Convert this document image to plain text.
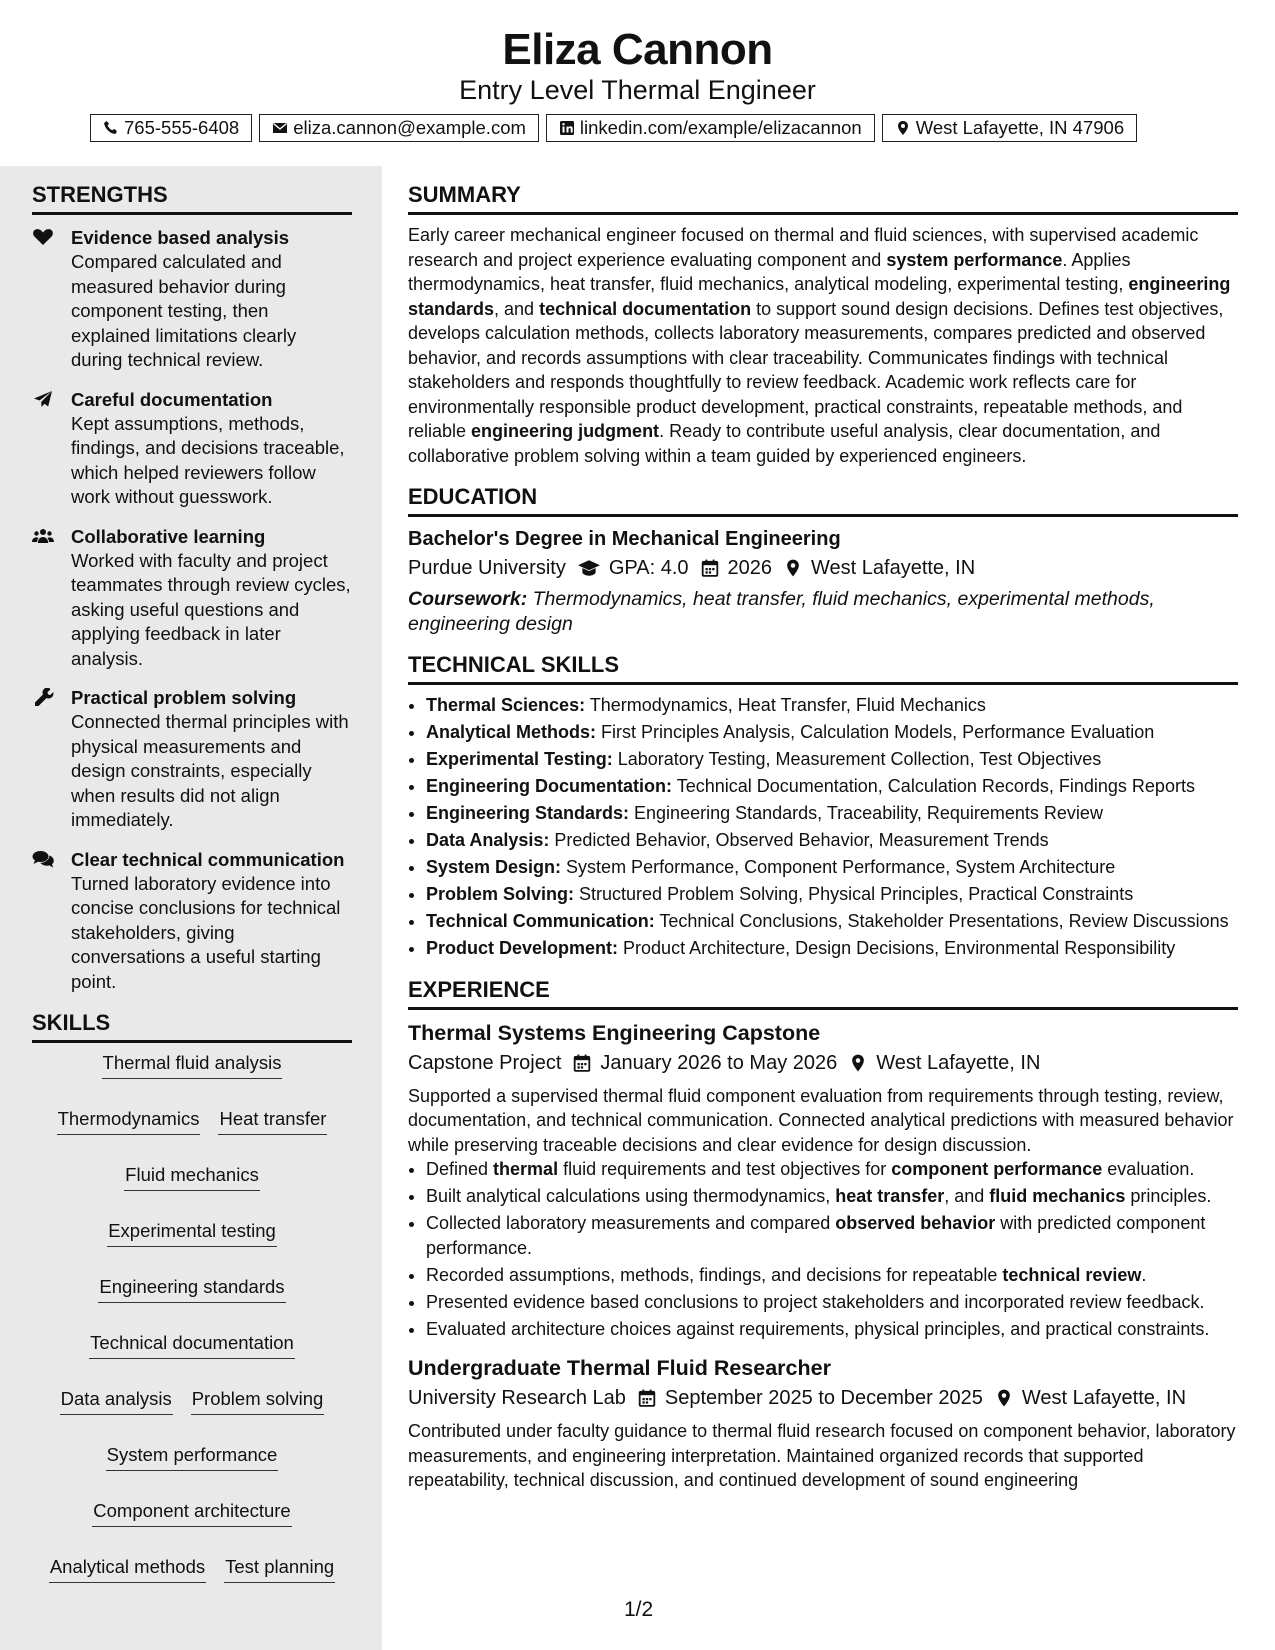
Eliza Cannon
Entry Level Thermal Engineer
765-555-6408	eliza.cannon@example.com	linkedin.com/example/elizacannon	West Lafayette, IN 47906
STRENGTHS
Evidence based analysis
Compared calculated and measured behavior during component testing, then explained limitations clearly during technical review.
Careful documentation
Kept assumptions, methods, findings, and decisions traceable, which helped reviewers follow work without guesswork.
Collaborative learning
Worked with faculty and project teammates through review cycles, asking useful questions and applying feedback in later analysis.
Practical problem solving
Connected thermal principles with physical measurements and design constraints, especially when results did not align immediately.
Clear technical communication
Turned laboratory evidence into concise conclusions for technical stakeholders, giving conversations a useful starting point.
SKILLS
Thermal fluid analysis
Thermodynamics Heat transfer
Fluid mechanics
Experimental testing
Engineering standards
Technical documentation
Data analysis Problem solving
System performance
Component architecture
Analytical methods Test planning
SUMMARY

Early career mechanical engineer focused on thermal and fluid sciences, with supervised academic research and project experience evaluating component and system performance. Applies thermodynamics, heat transfer, fluid mechanics, analytical modeling, experimental testing, engineering standards, and technical documentation to support sound design decisions. Defines test objectives, develops calculation methods, collects laboratory measurements, compares predicted and observed behavior, and records assumptions with clear traceability. Communicates findings with technical stakeholders and responds thoughtfully to review feedback. Academic work reflects care for environmentally responsible product development, practical constraints, repeatable methods, and reliable engineering judgment. Ready to contribute useful analysis, clear documentation, and collaborative problem solving within a team guided by experienced engineers.

EDUCATION
Bachelor's Degree in Mechanical Engineering
Purdue University GPA: 4.0 2026 West Lafayette, IN
Coursework: Thermodynamics, heat transfer, fluid mechanics, experimental methods, engineering design
TECHNICAL SKILLS
• Thermal Sciences: Thermodynamics, Heat Transfer, Fluid Mechanics
• Analytical Methods: First Principles Analysis, Calculation Models, Performance Evaluation
• Experimental Testing: Laboratory Testing, Measurement Collection, Test Objectives
• Engineering Documentation: Technical Documentation, Calculation Records, Findings Reports
• Engineering Standards: Engineering Standards, Traceability, Requirements Review
• Data Analysis: Predicted Behavior, Observed Behavior, Measurement Trends
• System Design: System Performance, Component Performance, System Architecture
• Problem Solving: Structured Problem Solving, Physical Principles, Practical Constraints
• Technical Communication: Technical Conclusions, Stakeholder Presentations, Review Discussions
• Product Development: Product Architecture, Design Decisions, Environmental Responsibility
EXPERIENCE
Thermal Systems Engineering Capstone
Capstone Project January 2026 to May 2026 West Lafayette, IN

Supported a supervised thermal fluid component evaluation from requirements through testing, review, documentation, and technical communication. Connected analytical predictions with measured behavior while preserving traceable decisions and clear evidence for design discussion.

• Defined thermal fluid requirements and test objectives for component performance evaluation.
• Built analytical calculations using thermodynamics, heat transfer, and fluid mechanics principles.
• Collected laboratory measurements and compared observed behavior with predicted component performance.
• Recorded assumptions, methods, findings, and decisions for repeatable technical review.
• Presented evidence based conclusions to project stakeholders and incorporated review feedback.
• Evaluated architecture choices against requirements, physical principles, and practical constraints.
Undergraduate Thermal Fluid Researcher
University Research Lab September 2025 to December 2025 West Lafayette, IN

Contributed under faculty guidance to thermal fluid research focused on component behavior, laboratory measurements, and engineering interpretation. Maintained organized records that supported repeatability, technical discussion, and continued development of sound engineering

1/2
